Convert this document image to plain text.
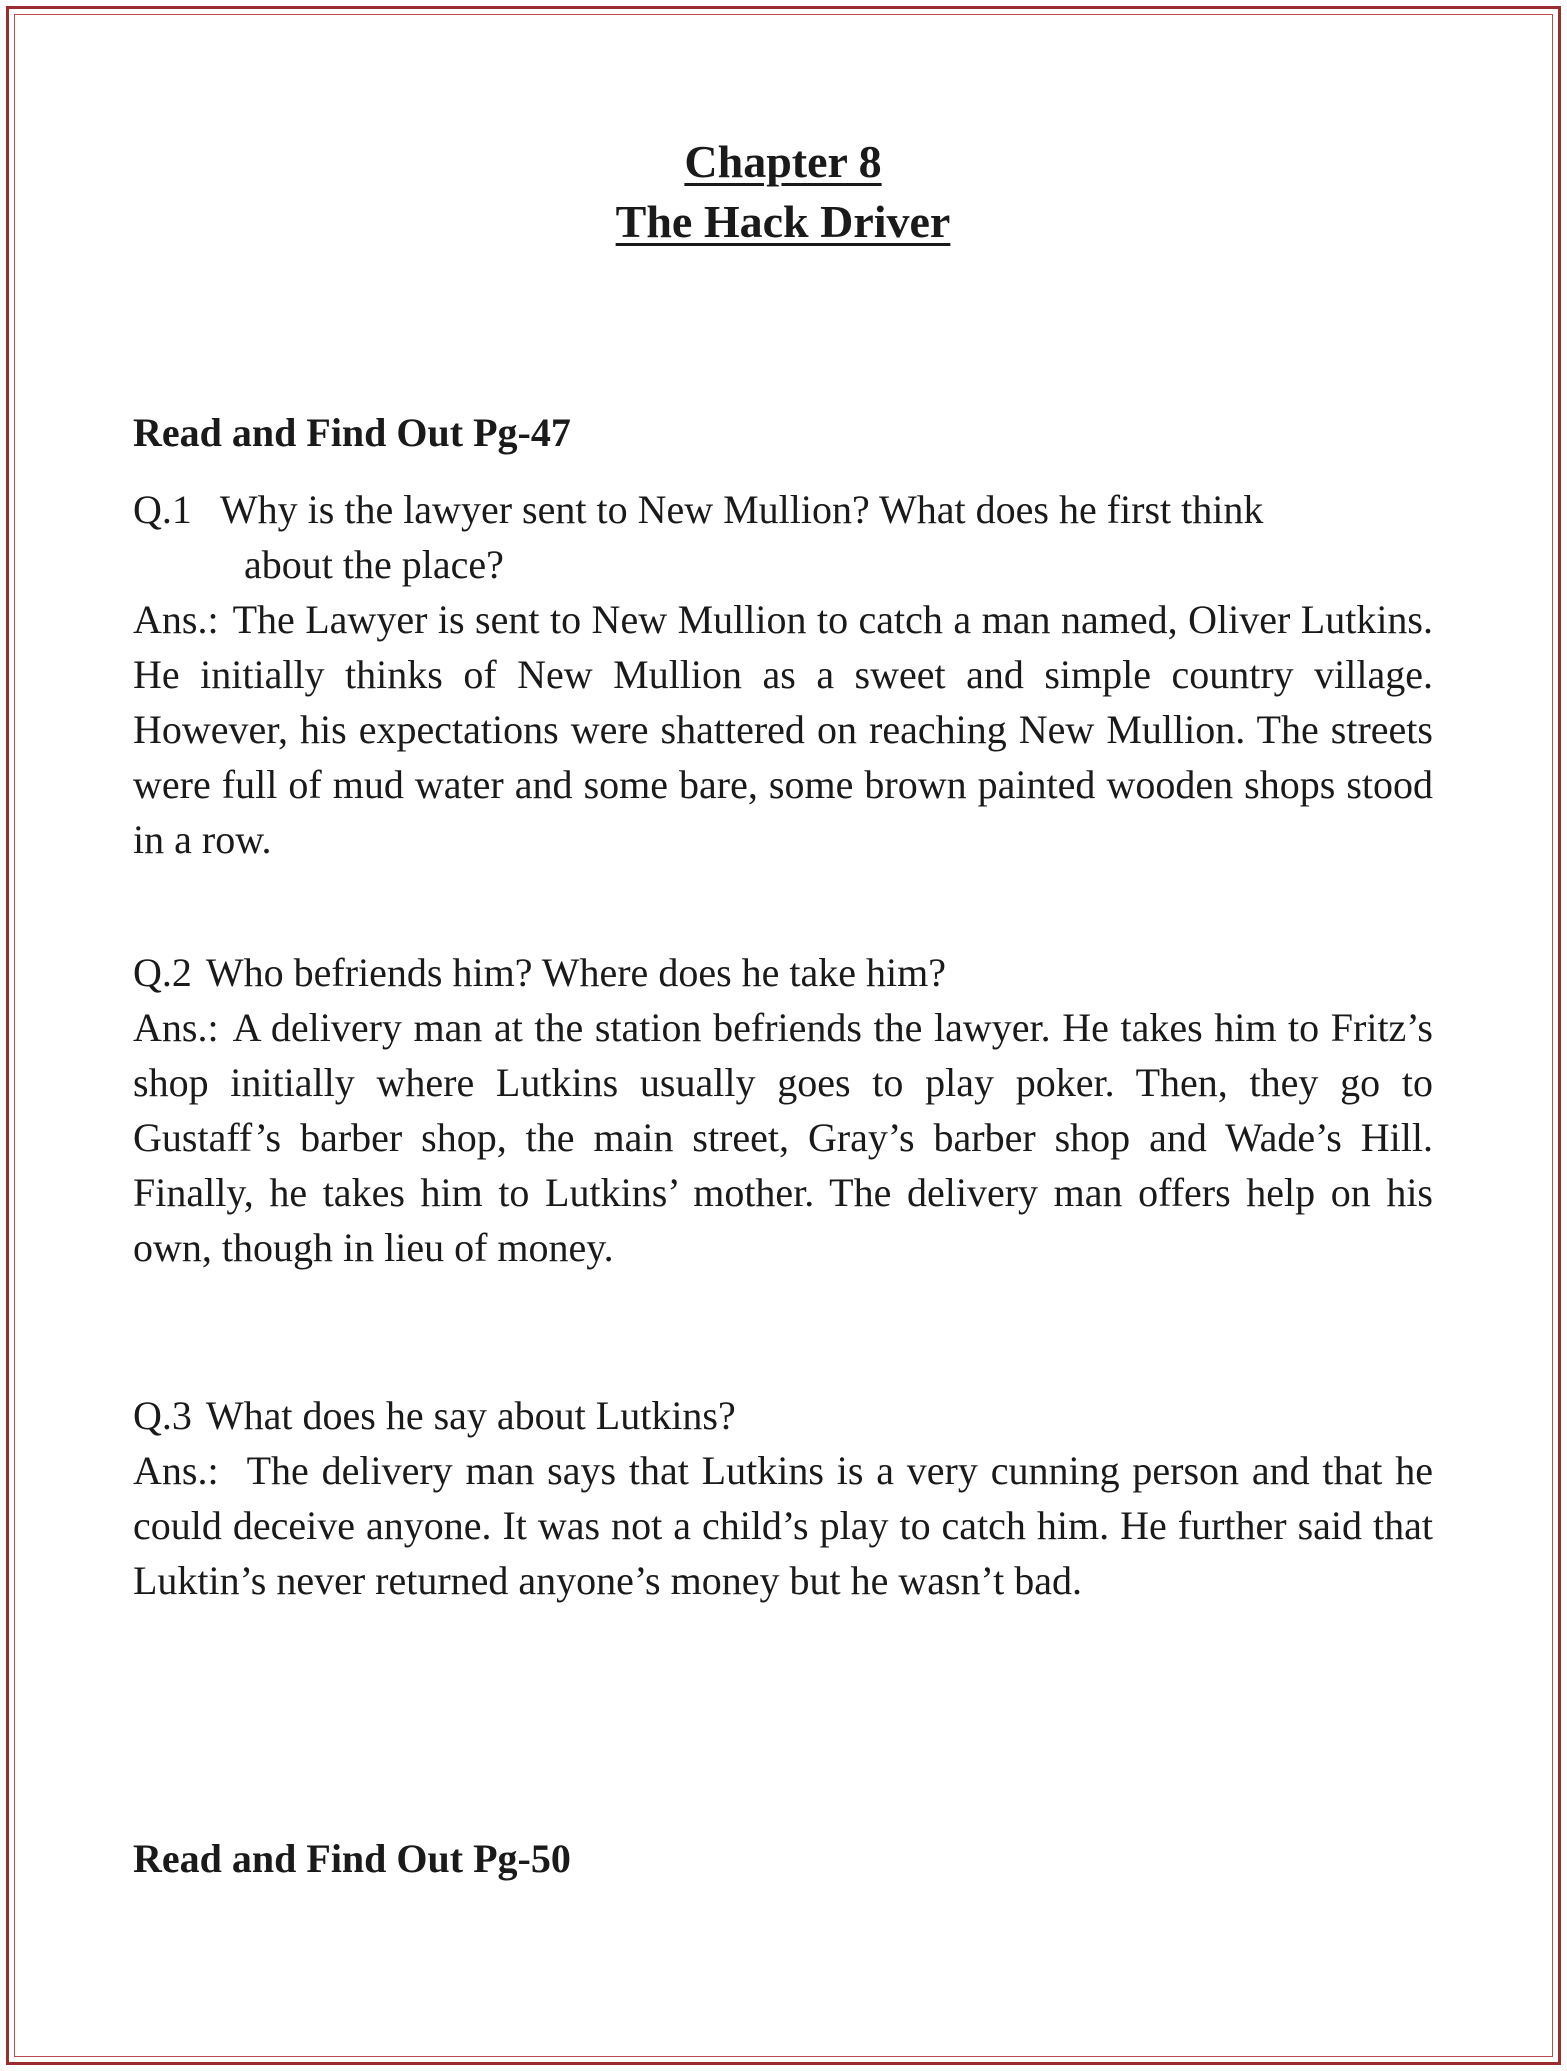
Chapter 8
The Hack Driver
Read and Find Out Pg-47
Q.1 Why is the lawyer sent to New Mullion? What does he first think
about the place?
Ans.: The Lawyer is sent to New Mullion to catch a man named, Oliver Lutkins. He initially thinks of New Mullion as a sweet and simple country village. However, his expectations were shattered on reaching New Mullion. The streets were full of mud water and some bare, some brown painted wooden shops stood in a row.
Q.2 Who befriends him? Where does he take him?
Ans.: A delivery man at the station befriends the lawyer. He takes him to Fritz’s shop initially where Lutkins usually goes to play poker. Then, they go to Gustaff’s barber shop, the main street, Gray’s barber shop and Wade’s Hill. Finally, he takes him to Lutkins’ mother. The delivery man offers help on his own, though in lieu of money.
Q.3 What does he say about Lutkins?
Ans.: The delivery man says that Lutkins is a very cunning person and that he could deceive anyone. It was not a child’s play to catch him. He further said that Luktin’s never returned anyone’s money but he wasn’t bad.
Read and Find Out Pg-50
